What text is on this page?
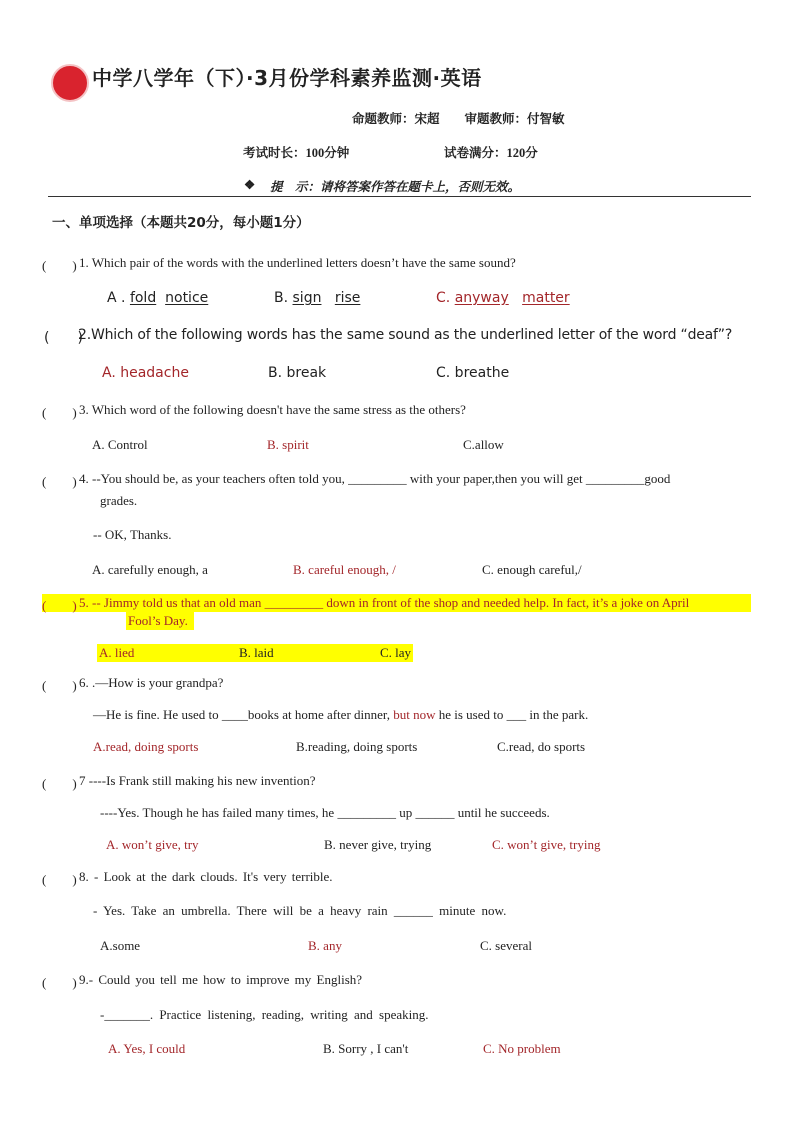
中学八学年（下）·3月份学科素养监测·英语
命题教师：宋超　　审题教师：付智敏
考试时长：100分钟	试卷满分：120分
❖ 提　示：请将答案作答在题卡上，否则无效。
一、单项选择（本题共20分，每小题1分）
(　　) 1. Which pair of the words with the underlined letters doesn’t have the same sound?
A . fold notice	B. sign rise	C. anyway matter
(　　)
2.Which of the following words has the same sound as the underlined letter of the word “deaf”?
A. headache	B. break	C. breathe
(　　) 3. Which word of the following doesn't have the same stress as the others?
A. Control	B. spirit	C.allow
(　　) 4. --You should be, as your teachers often told you, _________ with your paper,then you will get _________good
grades.
-- OK, Thanks.
A. carefully enough, a	B. careful enough, /	C. enough careful,/
(　　) 5. -- Jimmy told us that an old man _________ down in front of the shop and needed help. In fact, it’s a joke on April
Fool’s Day.
A. lied	B. laid	C. lay
(　　) 6. .—How is your grandpa?
—He is fine. He used to ____books at home after dinner, but now he is used to ___ in the park.
A.read, doing sports	B.reading, doing sports	C.read, do sports
(　　) 7 ----Is Frank still making his new invention?
----Yes. Though he has failed many times, he _________ up ______ until he succeeds.
A. won’t give, try	B. never give, trying	C. won’t give, trying
(　　) 8. - Look at the dark clouds. It's very terrible.
- Yes. Take an umbrella. There will be a heavy rain ______ minute now.
A.some	B. any	C. several
(　　) 9.- Could you tell me how to improve my English?
-_______. Practice listening, reading, writing and speaking.
A. Yes, I could	B. Sorry , I can't	C. No problem
